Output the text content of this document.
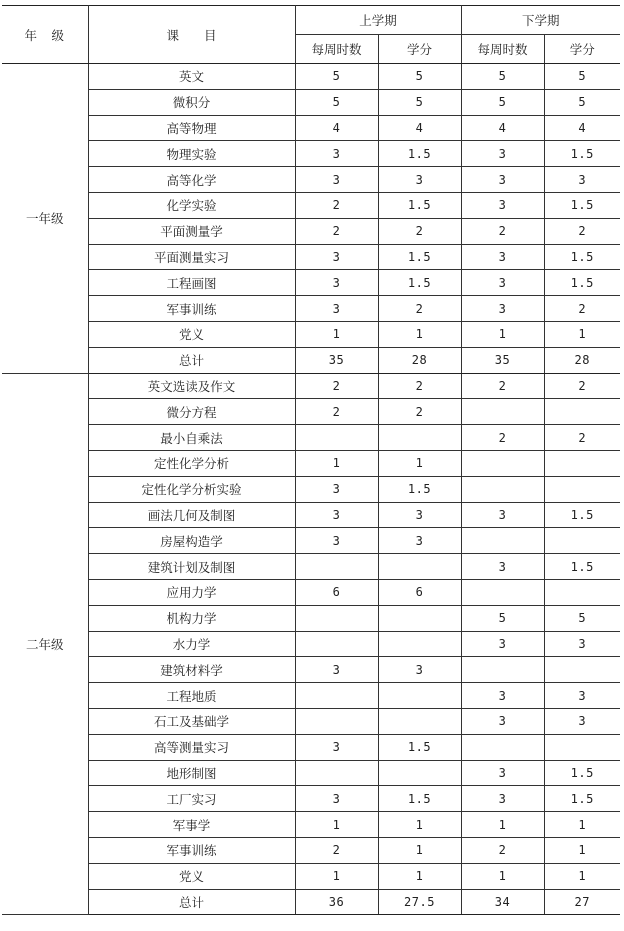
年　级	课　　目	上学期		下学期	
		每周时数	学分	每周时数	学分
一年级	英文	5	5	5	5
	微积分	5	5	5	5
	高等物理	4	4	4	4
	物理实验	3	1.5	3	1.5
	高等化学	3	3	3	3
	化学实验	2	1.5	3	1.5
	平面测量学	2	2	2	2
	平面测量实习	3	1.5	3	1.5
	工程画图	3	1.5	3	1.5
	军事训练	3	2	3	2
	党义	1	1	1	1
	总计	35	28	35	28
二年级	英文选读及作文	2	2	2	2
	微分方程	2	2		
	最小自乘法			2	2
	定性化学分析	1	1		
	定性化学分析实验	3	1.5		
	画法几何及制图	3	3	3	1.5
	房屋构造学	3	3		
	建筑计划及制图			3	1.5
	应用力学	6	6		
	机构力学			5	5
	水力学			3	3
	建筑材料学	3	3		
	工程地质			3	3
	石工及基础学			3	3
	高等测量实习	3	1.5		
	地形制图			3	1.5
	工厂实习	3	1.5	3	1.5
	军事学	1	1	1	1
	军事训练	2	1	2	1
	党义	1	1	1	1
	总计	36	27.5	34	27
